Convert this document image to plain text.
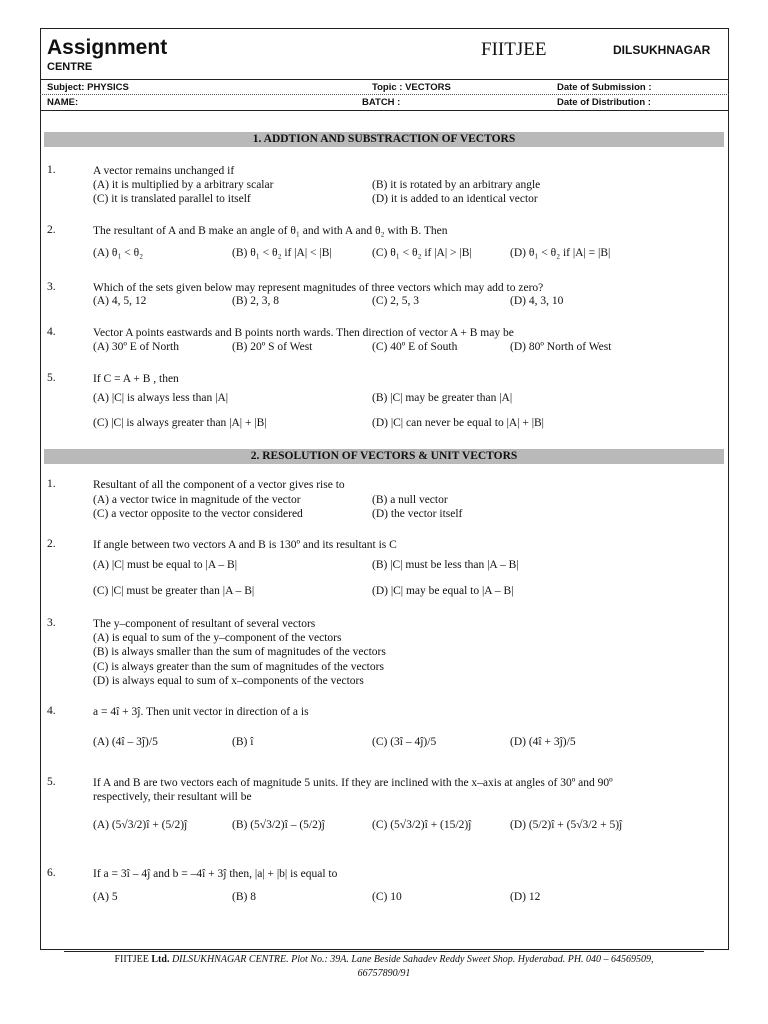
Assignment
CENTRE
FIITJEE	DILSUKHNAGAR
Subject: PHYSICS	Topic : VECTORS	Date of Submission :
NAME:	BATCH :	Date of Distribution :
1. ADDTION AND SUBSTRACTION OF VECTORS
1.	A vector remains unchanged if
(A) it is multiplied by a arbitrary scalar	(B) it is rotated by an arbitrary angle
(C) it is translated parallel to itself	(D) it is added to an identical vector
2.	The resultant of A and B make an angle of θ₁ and with A and θ₂ with B. Then
(A) θ₁ < θ₂	(B) θ₁ < θ₂ if |A| < |B|	(C) θ₁ < θ₂ if |A| > |B|	(D) θ₁ < θ₂ if |A| = |B|
3.	Which of the sets given below may represent magnitudes of three vectors which may add to zero?
(A) 4, 5, 12	(B) 2, 3, 8	(C) 2, 5, 3	(D) 4, 3, 10
4.	Vector A points eastwards and B points north wards. Then direction of vector A + B may be
(A) 30º E of North	(B) 20º S of West	(C) 40º E of South	(D) 80º North of West
5.	If C = A + B , then
(A) |C| is always less than |A|	(B) |C| may be greater than |A|
(C) |C| is always greater than |A| + |B|	(D) |C| can never be equal to |A| + |B|
2. RESOLUTION OF VECTORS & UNIT VECTORS
1.	Resultant of all the component of a vector gives rise to
(A) a vector twice in magnitude of the vector	(B) a null vector
(C) a vector opposite to the vector considered	(D) the vector itself
2.	If angle between two vectors A and B is 130º and its resultant is C
(A) |C| must be equal to |A – B|	(B) |C| must be less than |A – B|
(C) |C| must be greater than |A – B|	(D) |C| may be equal to |A – B|
3.	The y–component of resultant of several vectors
(A) is equal to sum of the y–component of the vectors
(B) is always smaller than the sum of magnitudes of the vectors
(C) is always greater than the sum of magnitudes of the vectors
(D) is always equal to sum of x–components of the vectors
4.	a = 4î + 3ĵ. Then unit vector in direction of a is
(A) (4î – 3ĵ)/5	(B) î	(C) (3î – 4ĵ)/5	(D) (4î + 3ĵ)/5
5.	If A and B are two vectors each of magnitude 5 units. If they are inclined with the x–axis at angles of 30º and 90º
respectively, their resultant will be
(A) (5√3/2)î + (5/2)ĵ	(B) (5√3/2)î – (5/2)ĵ	(C) (5√3/2)î + (15/2)ĵ	(D) (5/2)î + (5√3/2 + 5)ĵ
6.	If a = 3î – 4ĵ and b = –4î + 3ĵ then, |a| + |b| is equal to
(A) 5	(B) 8	(C) 10	(D) 12
FIITJEE Ltd. DILSUKHNAGAR CENTRE. Plot No.: 39A. Lane Beside Sahadev Reddy Sweet Shop. Hyderabad. PH. 040 – 64569509,
66757890/91
